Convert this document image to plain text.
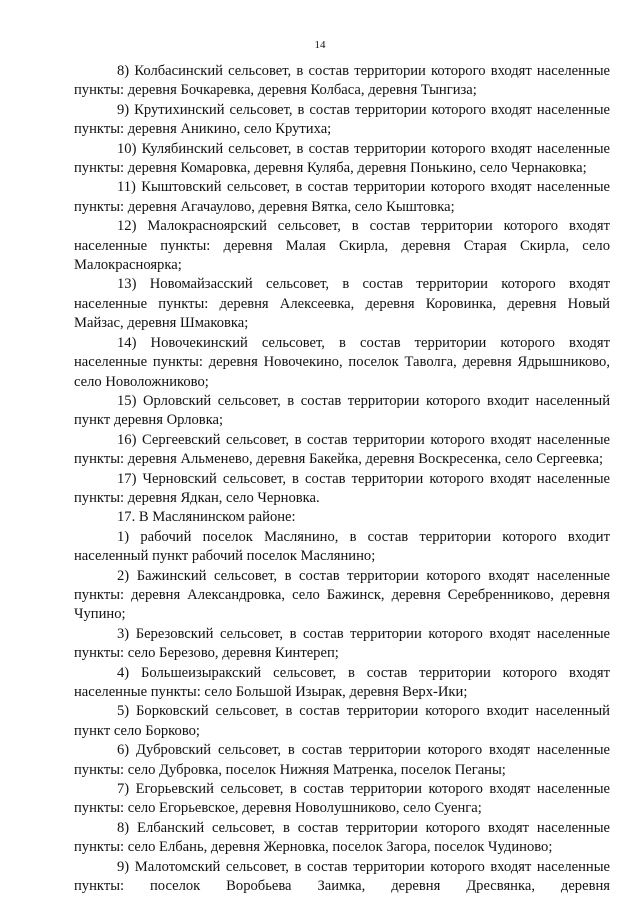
14

8) Колбасинский сельсовет, в состав территории которого входят населенные пункты: деревня Бочкаревка, деревня Колбаса, деревня Тынгиза;

9) Крутихинский сельсовет, в состав территории которого входят населенные пункты: деревня Аникино, село Крутиха;

10) Кулябинский сельсовет, в состав территории которого входят населенные пункты: деревня Комаровка, деревня Куляба, деревня Понькино, село Чернаковка;

11) Кыштовский сельсовет, в состав территории которого входят населенные пункты: деревня Агачаулово, деревня Вятка, село Кыштовка;

12) Малокрасноярский сельсовет, в состав территории которого входят населенные пункты: деревня Малая Скирла, деревня Старая Скирла, село Малокрасноярка;

13) Новомайзасский сельсовет, в состав территории которого входят населенные пункты: деревня Алексеевка, деревня Коровинка, деревня Новый Майзас, деревня Шмаковка;

14) Новочекинский сельсовет, в состав территории которого входят населенные пункты: деревня Новочекино, поселок Таволга, деревня Ядрышниково, село Новоложниково;

15) Орловский сельсовет, в состав территории которого входит населенный пункт деревня Орловка;

16) Сергеевский сельсовет, в состав территории которого входят населенные пункты: деревня Альменево, деревня Бакейка, деревня Воскресенка, село Сергеевка;

17) Черновский сельсовет, в состав территории которого входят населенные пункты: деревня Ядкан, село Черновка.

17. В Маслянинском районе:

1) рабочий поселок Маслянино, в состав территории которого входит населенный пункт рабочий поселок Маслянино;

2) Бажинский сельсовет, в состав территории которого входят населенные пункты: деревня Александровка, село Бажинск, деревня Серебренниково, деревня Чупино;

3) Березовский сельсовет, в состав территории которого входят населенные пункты: село Березово, деревня Кинтереп;

4) Большеизыракский сельсовет, в состав территории которого входят населенные пункты: село Большой Изырак, деревня Верх-Ики;

5) Борковский сельсовет, в состав территории которого входит населенный пункт село Борково;

6) Дубровский сельсовет, в состав территории которого входят населенные пункты: село Дубровка, поселок Нижняя Матренка, поселок Пеганы;

7) Егорьевский сельсовет, в состав территории которого входят населенные пункты: село Егорьевское, деревня Новолушниково, село Суенга;

8) Елбанский сельсовет, в состав территории которого входят населенные пункты: село Елбань, деревня Жерновка, поселок Загора, поселок Чудиново;

9) Малотомский сельсовет, в состав территории которого входят населенные пункты: поселок Воробьева Заимка, деревня Дресвянка, деревня
